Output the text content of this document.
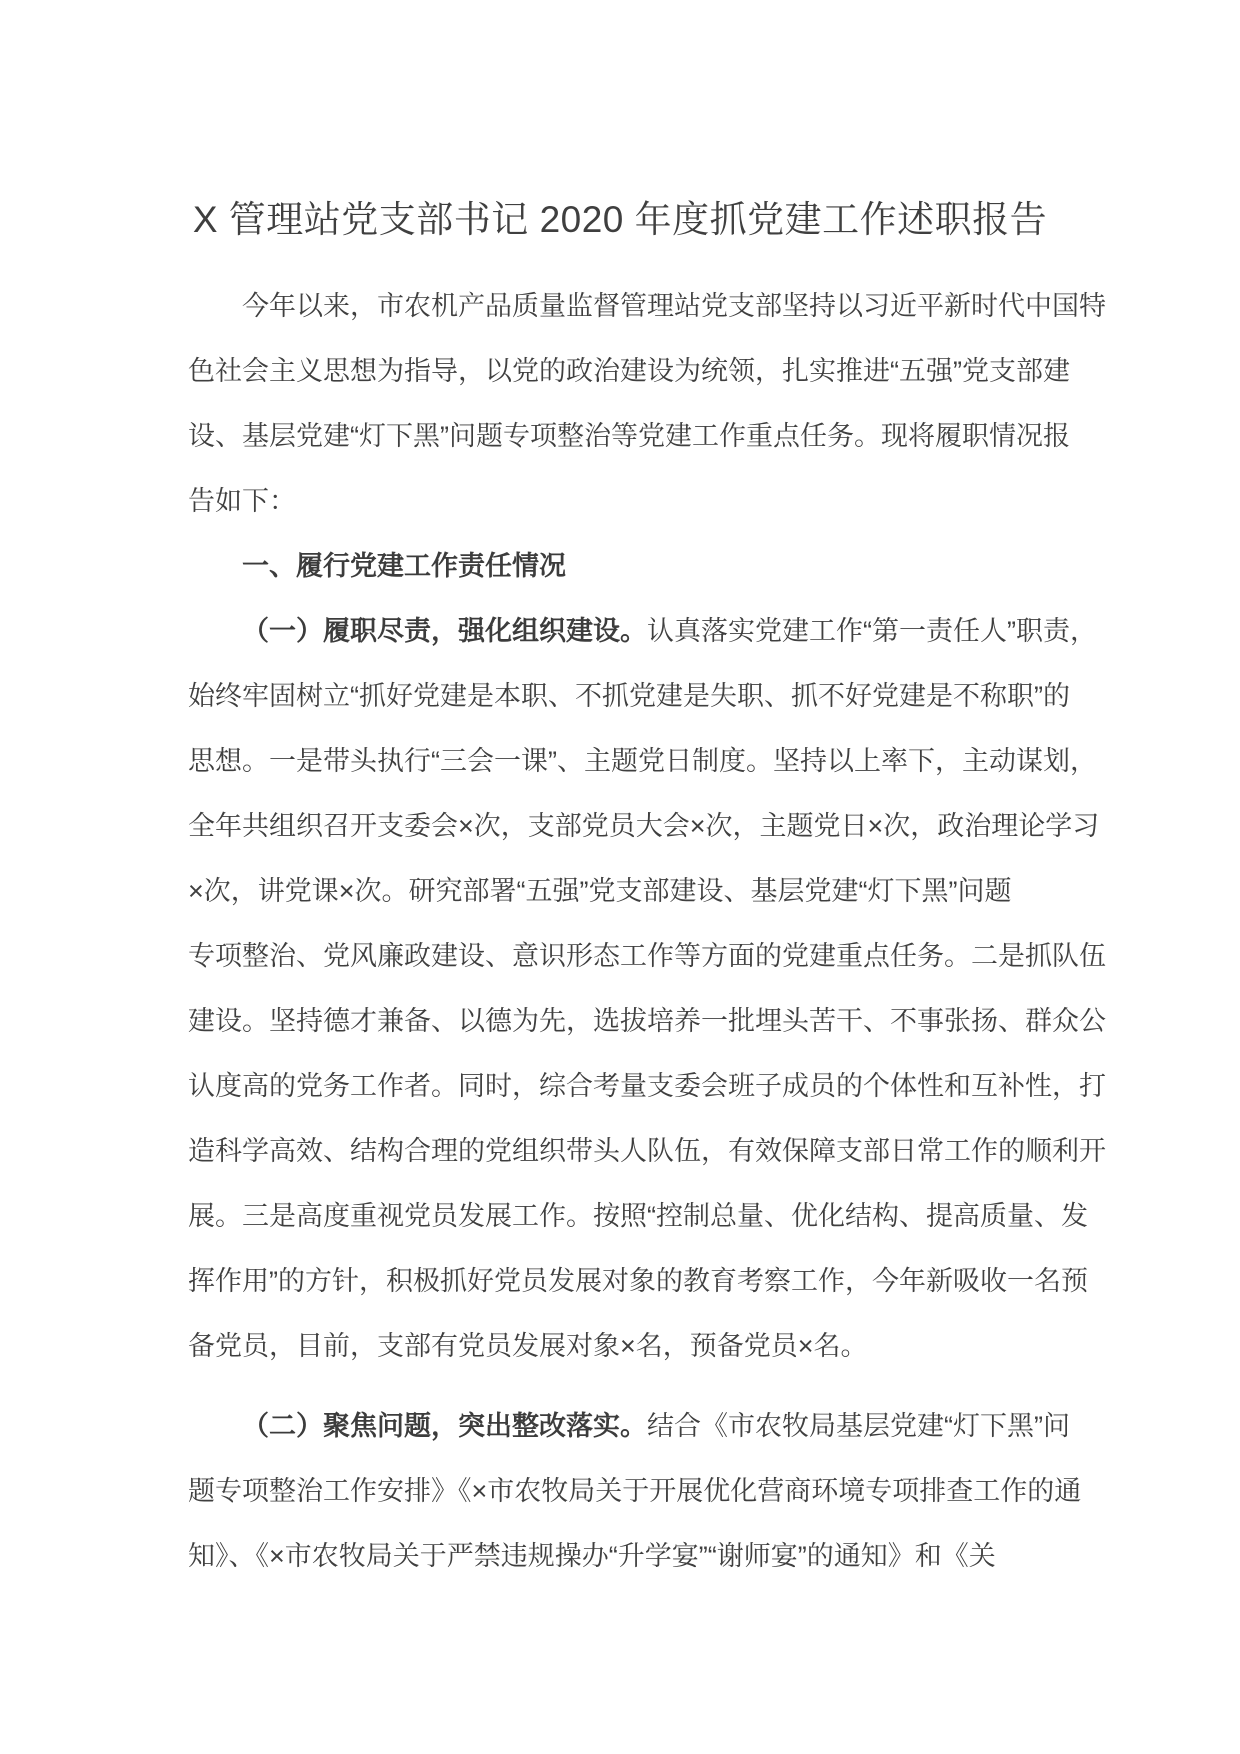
X 管理站党支部书记 2020 年度抓党建工作述职报告
今年以来，市农机产品质量监督管理站党支部坚持以习近平新时代中国特
色社会主义思想为指导，以党的政治建设为统领，扎实推进“五强”党支部建
设、基层党建“灯下黑”问题专项整治等党建工作重点任务。现将履职情况报
告如下：
一、履行党建工作责任情况
（一）履职尽责，强化组织建设。认真落实党建工作“第一责任人”职责，
始终牢固树立“抓好党建是本职、不抓党建是失职、抓不好党建是不称职”的
思想。一是带头执行“三会一课”、主题党日制度。坚持以上率下，主动谋划，
全年共组织召开支委会×次，支部党员大会×次，主题党日×次，政治理论学习
×次，讲党课×次。研究部署“五强”党支部建设、基层党建“灯下黑”问题
专项整治、党风廉政建设、意识形态工作等方面的党建重点任务。二是抓队伍
建设。坚持德才兼备、以德为先，选拔培养一批埋头苦干、不事张扬、群众公
认度高的党务工作者。同时，综合考量支委会班子成员的个体性和互补性，打
造科学高效、结构合理的党组织带头人队伍，有效保障支部日常工作的顺利开
展。三是高度重视党员发展工作。按照“控制总量、优化结构、提高质量、发
挥作用”的方针，积极抓好党员发展对象的教育考察工作，今年新吸收一名预
备党员，目前，支部有党员发展对象×名，预备党员×名。
（二）聚焦问题，突出整改落实。结合《市农牧局基层党建“灯下黑”问
题专项整治工作安排》《×市农牧局关于开展优化营商环境专项排查工作的通
知》、《×市农牧局关于严禁违规操办“升学宴”“谢师宴”的通知》和《关
